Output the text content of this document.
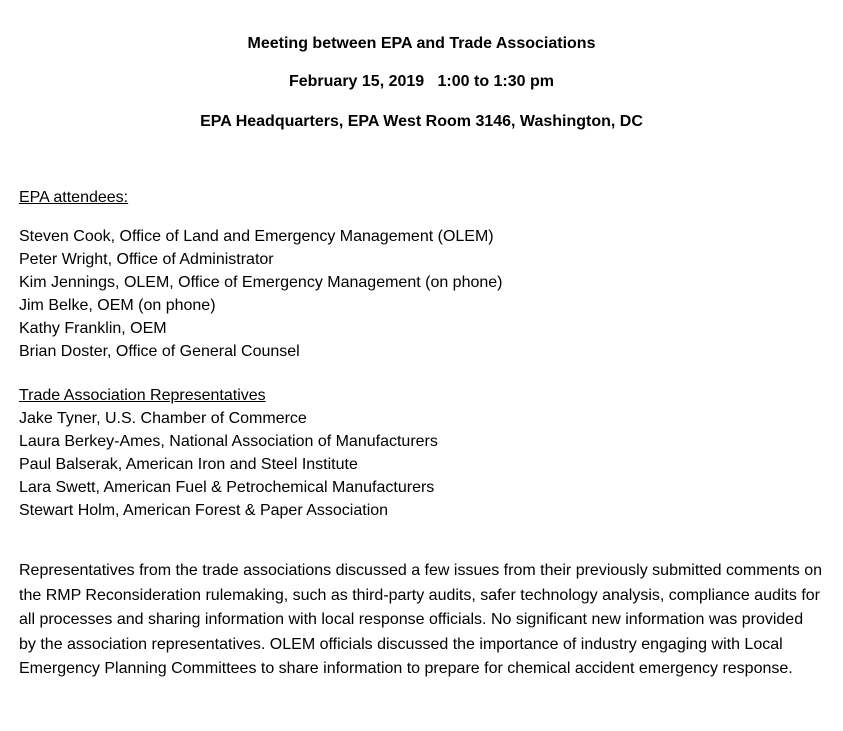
Meeting between EPA and Trade Associations
February 15, 2019   1:00 to 1:30 pm
EPA Headquarters, EPA West Room 3146, Washington, DC

EPA attendees:

Steven Cook, Office of Land and Emergency Management (OLEM)

Peter Wright, Office of Administrator

Kim Jennings, OLEM, Office of Emergency Management (on phone)

Jim Belke, OEM (on phone)

Kathy Franklin, OEM

Brian Doster, Office of General Counsel

Trade Association Representatives

Jake Tyner, U.S. Chamber of Commerce

Laura Berkey-Ames, National Association of Manufacturers

Paul Balserak, American Iron and Steel Institute

Lara Swett, American Fuel & Petrochemical Manufacturers

Stewart Holm, American Forest & Paper Association

Representatives from the trade associations discussed a few issues from their previously submitted comments on the RMP Reconsideration rulemaking, such as third-party audits, safer technology analysis, compliance audits for all processes and sharing information with local response officials. No significant new information was provided by the association representatives. OLEM officials discussed the importance of industry engaging with Local Emergency Planning Committees to share information to prepare for chemical accident emergency response.
